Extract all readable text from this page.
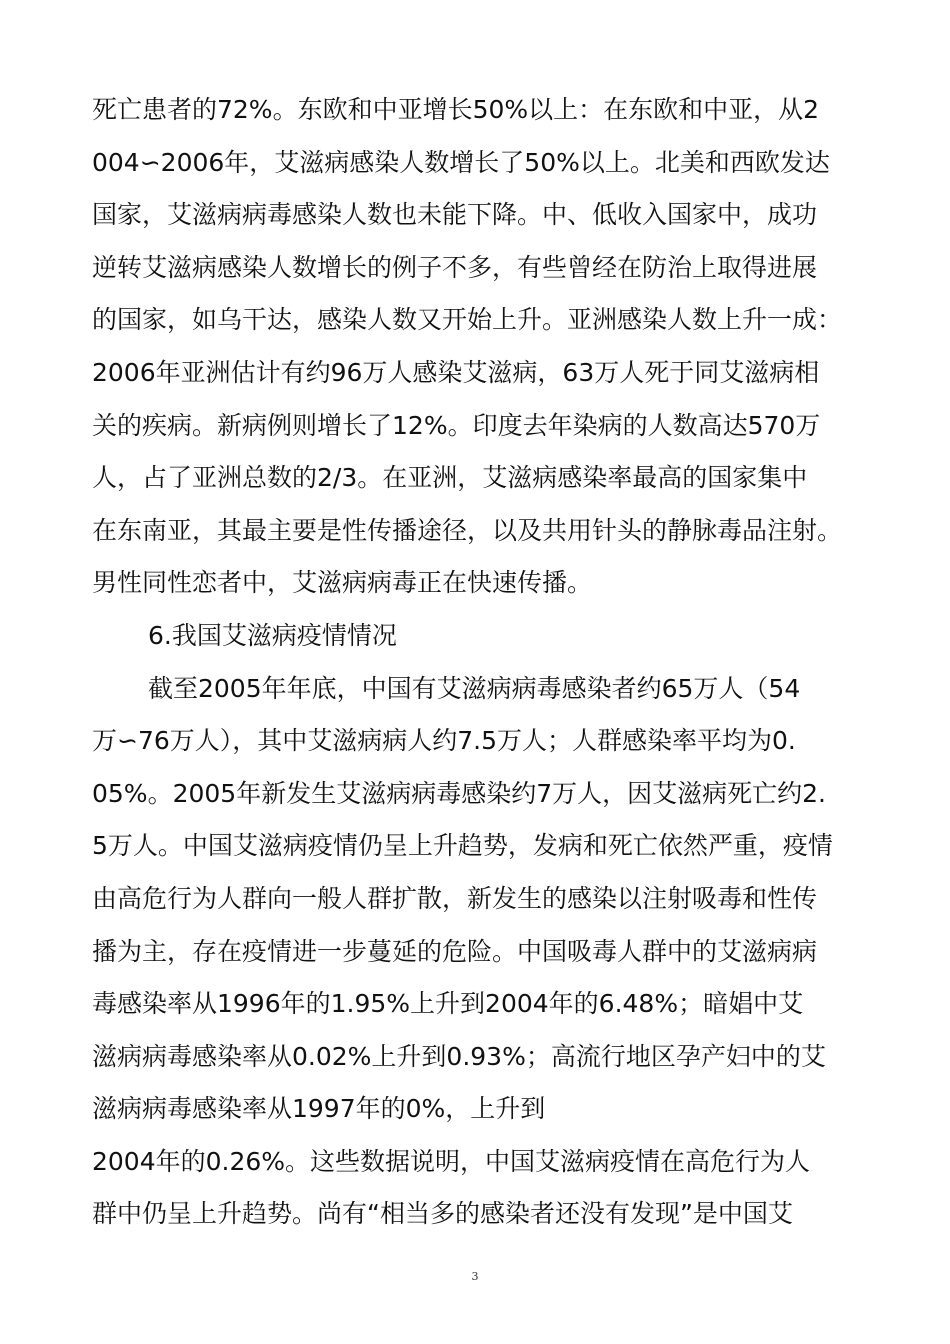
死亡患者的72%。东欧和中亚增长50%以上：在东欧和中亚，从2
004∽2006年，艾滋病感染人数增长了50%以上。北美和西欧发达
国家，艾滋病病毒感染人数也未能下降。中、低收入国家中，成功
逆转艾滋病感染人数增长的例子不多，有些曾经在防治上取得进展
的国家，如乌干达，感染人数又开始上升。亚洲感染人数上升一成：
2006年亚洲估计有约96万人感染艾滋病，63万人死于同艾滋病相
关的疾病。新病例则增长了12%。印度去年染病的人数高达570万
人，占了亚洲总数的2/3。在亚洲，艾滋病感染率最高的国家集中
在东南亚，其最主要是性传播途径，以及共用针头的静脉毒品注射。
男性同性恋者中，艾滋病病毒正在快速传播。
6.我国艾滋病疫情情况
截至2005年年底，中国有艾滋病病毒感染者约65万人（54
万∽76万人），其中艾滋病病人约7.5万人；人群感染率平均为0.
05%。2005年新发生艾滋病病毒感染约7万人，因艾滋病死亡约2.
5万人。中国艾滋病疫情仍呈上升趋势，发病和死亡依然严重，疫情
由高危行为人群向一般人群扩散，新发生的感染以注射吸毒和性传
播为主，存在疫情进一步蔓延的危险。中国吸毒人群中的艾滋病病
毒感染率从1996年的1.95%上升到2004年的6.48%；暗娼中艾
滋病病毒感染率从0.02%上升到0.93%；高流行地区孕产妇中的艾
滋病病毒感染率从1997年的0%，上升到
2004年的0.26%。这些数据说明，中国艾滋病疫情在高危行为人
群中仍呈上升趋势。尚有“相当多的感染者还没有发现”是中国艾
3
